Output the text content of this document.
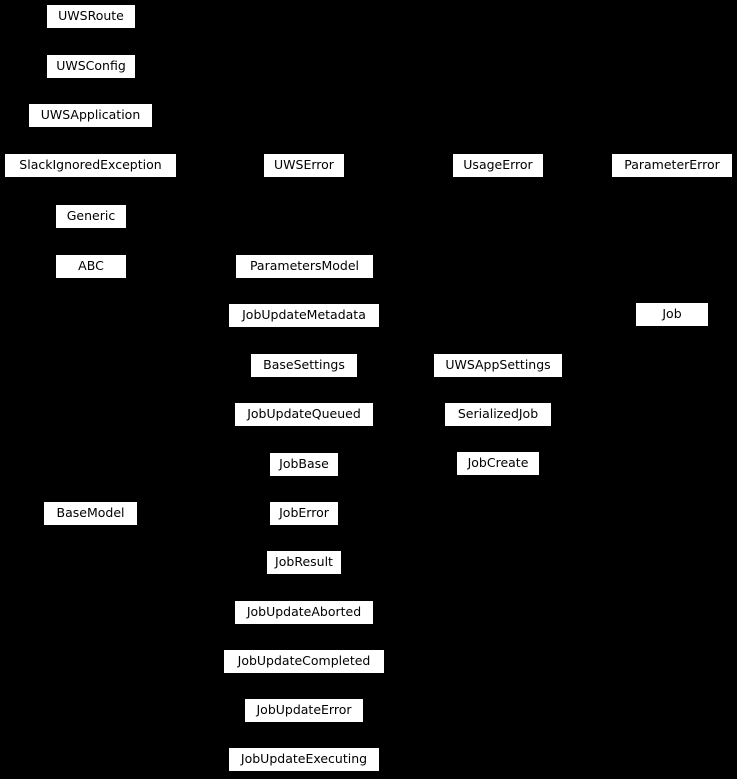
UWSRoute
UWSConfig
UWSApplication
SlackIgnoredException	UWSError	UsageError	ParameterError
Generic
ABC	ParametersModel
JobUpdateMetadata	Job
BaseSettings	UWSAppSettings
JobUpdateQueued	SerializedJob
JobBase	JobCreate
BaseModel	JobError
JobResult
JobUpdateAborted
JobUpdateCompleted
JobUpdateError
JobUpdateExecuting
